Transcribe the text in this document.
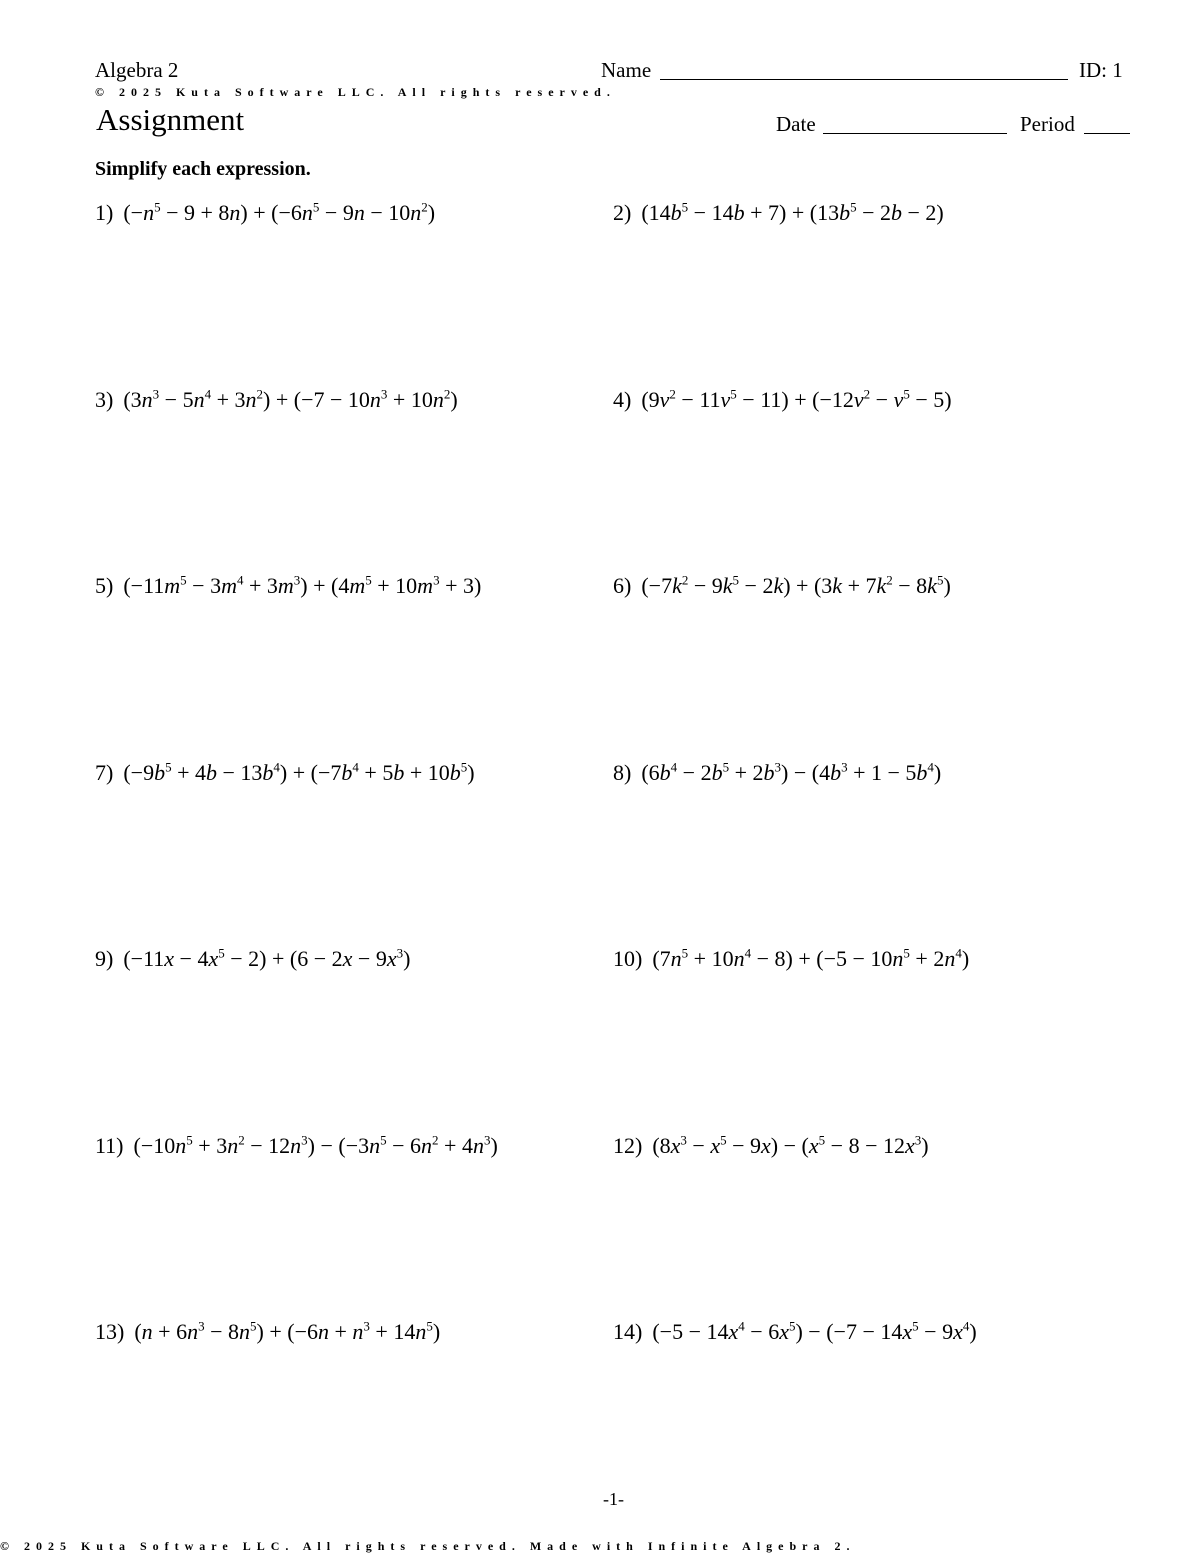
Algebra 2	Name	ID: 1
© 2025 Kuta Software LLC. All rights reserved.
Assignment	Date	Period
Simplify each expression.
1) $(-n^5 - 9 + 8n) + (-6n^5 - 9n - 10n^2)$	2) $(14b^5 - 14b + 7) + (13b^5 - 2b - 2)$
3) $(3n^3 - 5n^4 + 3n^2) + (-7 - 10n^3 + 10n^2)$	4) $(9v^2 - 11v^5 - 11) + (-12v^2 - v^5 - 5)$
5) $(-11m^5 - 3m^4 + 3m^3) + (4m^5 + 10m^3 + 3)$	6) $(-7k^2 - 9k^5 - 2k) + (3k + 7k^2 - 8k^5)$
7) $(-9b^5 + 4b - 13b^4) + (-7b^4 + 5b + 10b^5)$	8) $(6b^4 - 2b^5 + 2b^3) - (4b^3 + 1 - 5b^4)$
9) $(-11x - 4x^5 - 2) + (6 - 2x - 9x^3)$	10) $(7n^5 + 10n^4 - 8) + (-5 - 10n^5 + 2n^4)$
11) $(-10n^5 + 3n^2 - 12n^3) - (-3n^5 - 6n^2 + 4n^3)$	12) $(8x^3 - x^5 - 9x) - (x^5 - 8 - 12x^3)$
13) $(n + 6n^3 - 8n^5) + (-6n + n^3 + 14n^5)$	14) $(-5 - 14x^4 - 6x^5) - (-7 - 14x^5 - 9x^4)$
-1-
© 2025 Kuta Software LLC. All rights reserved. Made with Infinite Algebra 2.
